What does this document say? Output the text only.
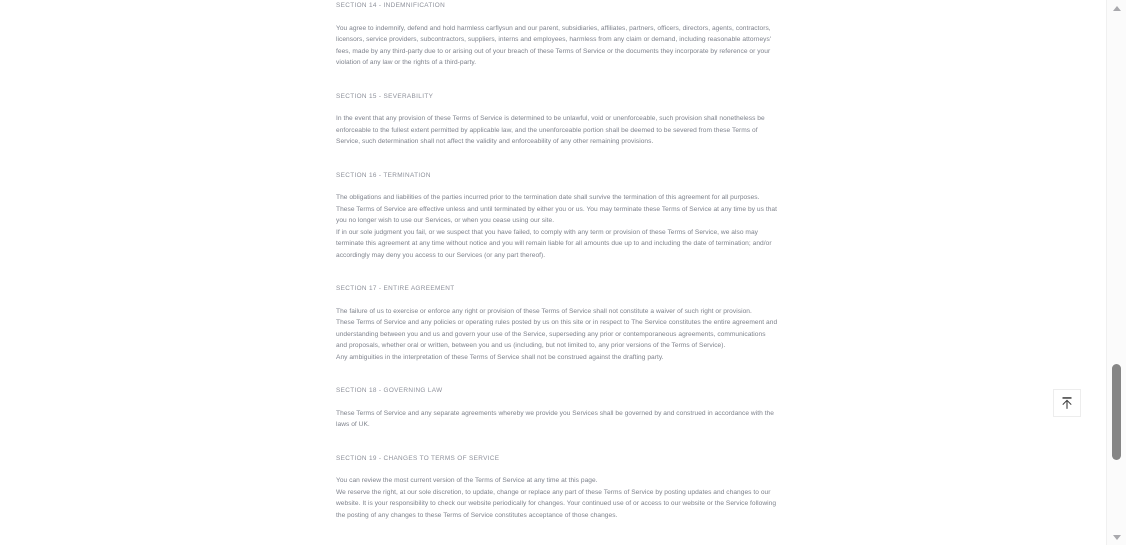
SECTION 14 - INDEMNIFICATION

You agree to indemnify, defend and hold harmless carflysun and our parent, subsidiaries, affiliates, partners, officers, directors, agents, contractors, licensors, service providers, subcontractors, suppliers, interns and employees, harmless from any claim or demand, including reasonable attorneys' fees, made by any third-party due to or arising out of your breach of these Terms of Service or the documents they incorporate by reference or your violation of any law or the rights of a third-party.

SECTION 15 - SEVERABILITY

In the event that any provision of these Terms of Service is determined to be unlawful, void or unenforceable, such provision shall nonetheless be enforceable to the fullest extent permitted by applicable law, and the unenforceable portion shall be deemed to be severed from these Terms of Service, such determination shall not affect the validity and enforceability of any other remaining provisions.

SECTION 16 - TERMINATION

The obligations and liabilities of the parties incurred prior to the termination date shall survive the termination of this agreement for all purposes.

These Terms of Service are effective unless and until terminated by either you or us. You may terminate these Terms of Service at any time by us that you no longer wish to use our Services, or when you cease using our site.

If in our sole judgment you fail, or we suspect that you have failed, to comply with any term or provision of these Terms of Service, we also may terminate this agreement at any time without notice and you will remain liable for all amounts due up to and including the date of termination; and/or accordingly may deny you access to our Services (or any part thereof).

SECTION 17 - ENTIRE AGREEMENT

The failure of us to exercise or enforce any right or provision of these Terms of Service shall not constitute a waiver of such right or provision.

These Terms of Service and any policies or operating rules posted by us on this site or in respect to The Service constitutes the entire agreement and understanding between you and us and govern your use of the Service, superseding any prior or contemporaneous agreements, communications and proposals, whether oral or written, between you and us (including, but not limited to, any prior versions of the Terms of Service).

Any ambiguities in the interpretation of these Terms of Service shall not be construed against the drafting party.

SECTION 18 - GOVERNING LAW

These Terms of Service and any separate agreements whereby we provide you Services shall be governed by and construed in accordance with the laws of UK.

SECTION 19 - CHANGES TO TERMS OF SERVICE

You can review the most current version of the Terms of Service at any time at this page.

We reserve the right, at our sole discretion, to update, change or replace any part of these Terms of Service by posting updates and changes to our website. It is your responsibility to check our website periodically for changes. Your continued use of or access to our website or the Service following the posting of any changes to these Terms of Service constitutes acceptance of those changes.
